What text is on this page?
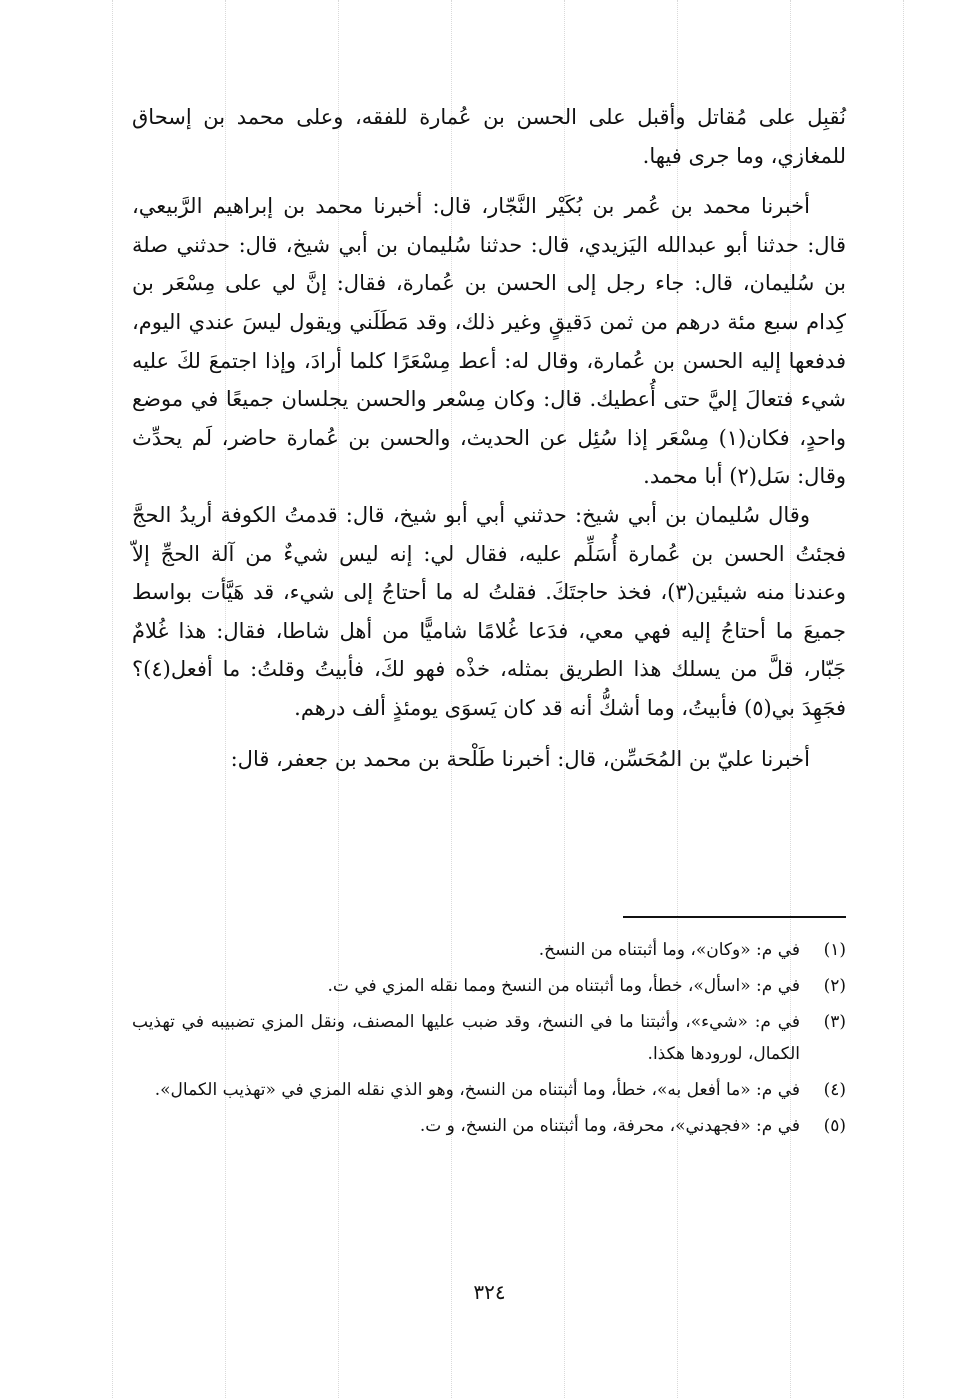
نُقبِل على مُقاتل وأقبل على الحسن بن عُمارة للفقه، وعلى محمد بن إسحاق للمغازي، وما جرى فيها.

أخبرنا محمد بن عُمر بن بُكَيْر النَّجّار، قال: أخبرنا محمد بن إبراهيم الرَّبيعي، قال: حدثنا أبو عبدالله اليَزيدي، قال: حدثنا سُليمان بن أبي شيخ، قال: حدثني صلة بن سُليمان، قال: جاء رجل إلى الحسن بن عُمارة، فقال: إنَّ لي على مِسْعَر بن كِدام سبع مئة درهم من ثمن دَقيقٍ وغير ذلك، وقد مَطَلَني ويقول ليسَ عندي اليوم، فدفعها إليه الحسن بن عُمارة، وقال له: أعط مِسْعَرًا كلما أرادَ، وإذا اجتمعَ لكَ عليه شيء فتعالَ إليَّ حتى أُعطيك. قال: وكان مِسْعر والحسن يجلسان جميعًا في موضع واحدٍ، فكان(١) مِسْعَر إذا سُئِل عن الحديث، والحسن بن عُمارة حاضر، لَم يحدِّث وقال: سَل(٢) أبا محمد.

وقال سُليمان بن أبي شيخ: حدثني أبي أبو شيخ، قال: قدمتُ الكوفة أريدُ الحجَّ فجئتُ الحسن بن عُمارة أُسَلِّم عليه، فقال لي: إنه ليس شيءٌ من آلة الحجِّ إلاّ وعندنا منه شيئين(٣)، فخذ حاجتَكَ. فقلتُ له ما أحتاجُ إلى شيء، قد هَيَّأت بواسط جميعَ ما أحتاجُ إليه فهي معي، فدَعا غُلامًا شاميًّا من أهل شاطا، فقال: هذا غُلامٌ جَبّار، قلَّ من يسلك هذا الطريق بمثله، خذْه فهو لكَ، فأبيتُ وقلتُ: ما أفعل(٤)؟ فجَهِدَ بي(٥) فأبيتُ، وما أشكُّ أنه قد كان يَسوَى يومئذٍ ألف درهم.

أخبرنا عليّ بن المُحَسِّن، قال: أخبرنا طَلْحة بن محمد بن جعفر، قال:

(١)
في م: «وكان»، وما أثبتناه من النسخ.
(٢)
في م: «اسأل»، خطأ، وما أثبتناه من النسخ ومما نقله المزي في ت.
(٣)
في م: «شيء»، وأثبتنا ما في النسخ، وقد ضبب عليها المصنف، ونقل المزي تضبيبه في تهذيب الكمال، لورودها هكذا.
(٤)
في م: «ما أفعل به»، خطأ، وما أثبتناه من النسخ، وهو الذي نقله المزي في «تهذيب الكمال».
(٥)
في م: «فجهدني»، محرفة، وما أثبتناه من النسخ، و ت.
٣٢٤
